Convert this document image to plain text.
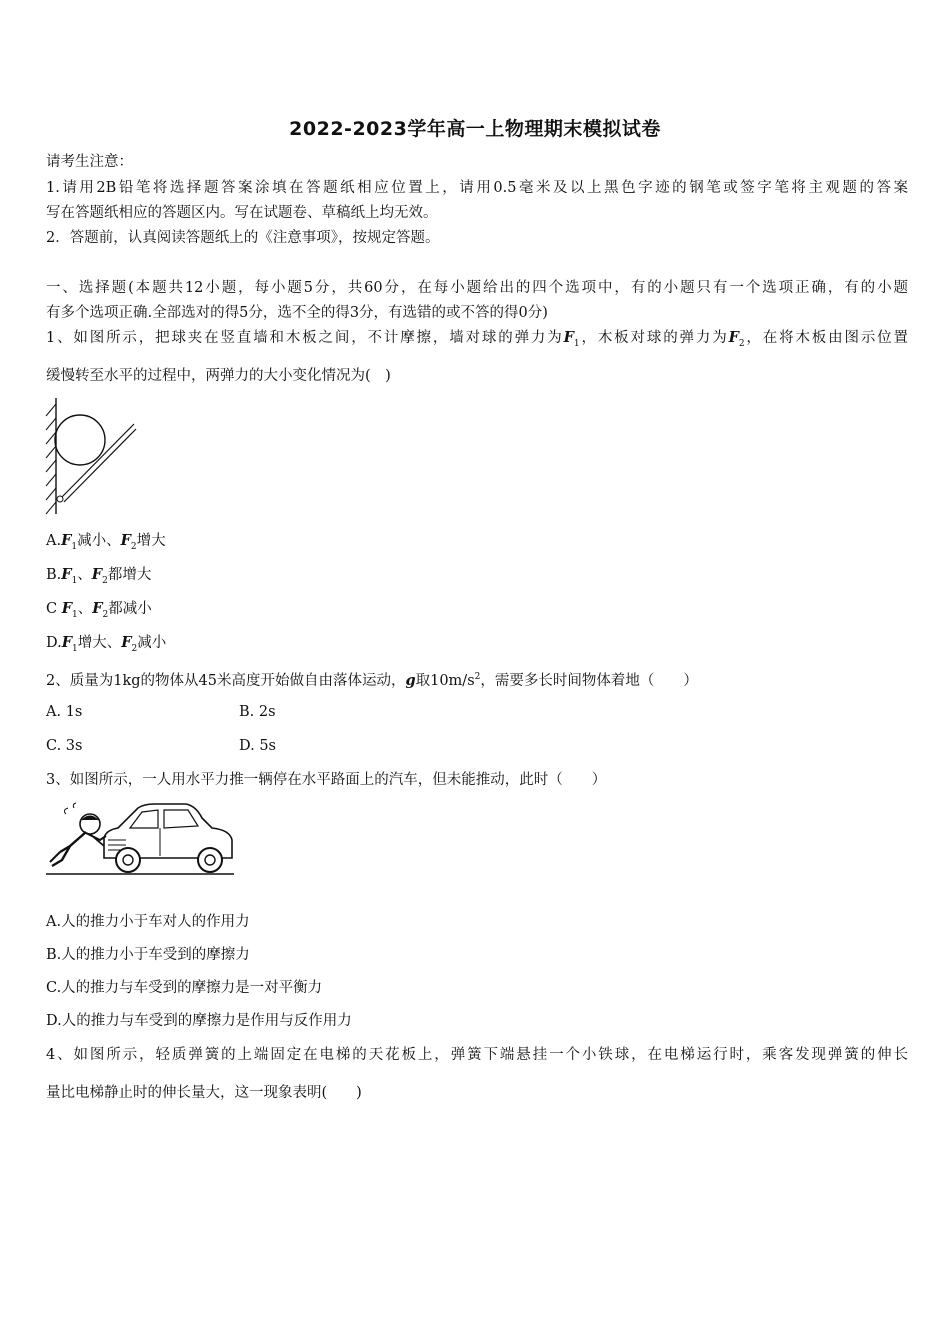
2022-2023学年高一上物理期末模拟试卷
请考生注意：
1.请用2B铅笔将选择题答案涂填在答题纸相应位置上，请用0.5毫米及以上黑色字迹的钢笔或签字笔将主观题的答案
写在答题纸相应的答题区内。写在试题卷、草稿纸上均无效。
2．答题前，认真阅读答题纸上的《注意事项》，按规定答题。
一、选择题(本题共12小题，每小题5分，共60分，在每小题给出的四个选项中，有的小题只有一个选项正确，有的小题
有多个选项正确.全部选对的得5分，选不全的得3分，有选错的或不答的得0分)
1、如图所示，把球夹在竖直墙和木板之间，不计摩擦，墙对球的弹力为$F_1$，木板对球的弹力为$F_2$，在将木板由图示位置
缓慢转至水平的过程中，两弹力的大小变化情况为(　)
$A.F_1$减小、$F_2$增大
$B.F_1$、$F_2$都增大
C $F_1$、$F_2$都减小
$D.F_1$增大、$F_2$减小
2、质量为1kg的物体从45米高度开始做自由落体运动，g取$10m/s^2$，需要多长时间物体着地（　　）
A. 1s	B. 2s
C. 3s	D. 5s
3、如图所示，一人用水平力推一辆停在水平路面上的汽车，但未能推动，此时（　　）
A.人的推力小于车对人的作用力
B.人的推力小于车受到的摩擦力
C.人的推力与车受到的摩擦力是一对平衡力
D.人的推力与车受到的摩擦力是作用与反作用力
4、如图所示，轻质弹簧的上端固定在电梯的天花板上，弹簧下端悬挂一个小铁球，在电梯运行时，乘客发现弹簧的伸长
量比电梯静止时的伸长量大，这一现象表明(　　)
